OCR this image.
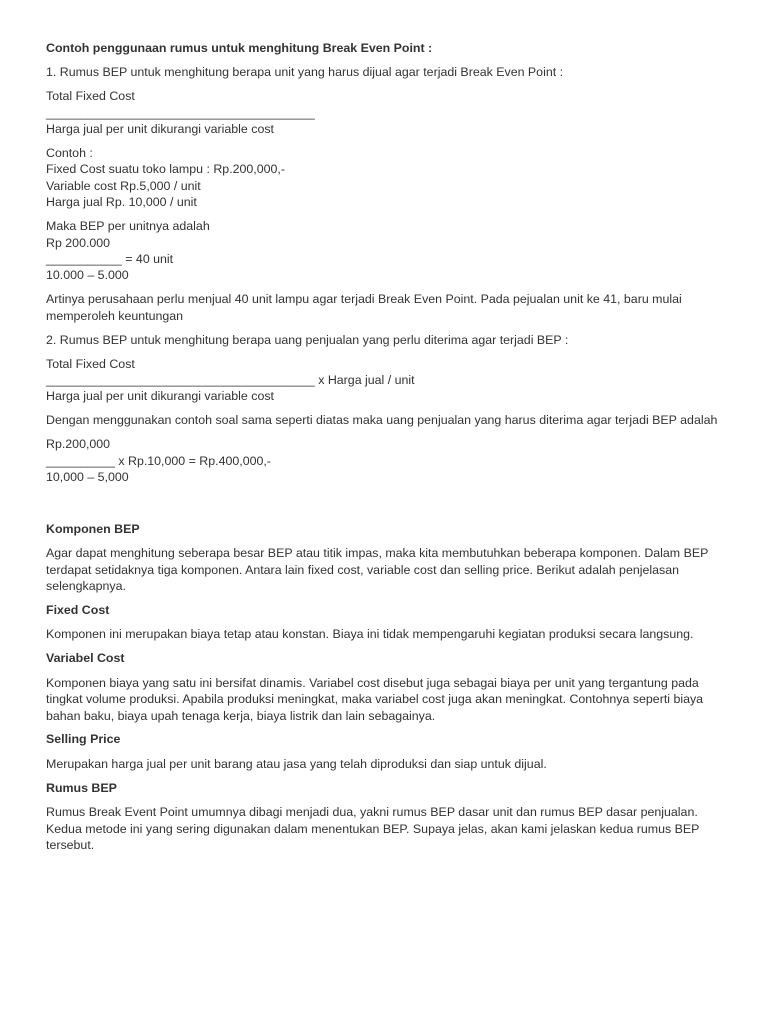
Contoh penggunaan rumus untuk menghitung Break Even Point :
1. Rumus BEP untuk menghitung berapa unit yang harus dijual agar terjadi Break Even Point :
Total Fixed Cost
_______________________________________
Harga jual per unit dikurangi variable cost
Contoh :
Fixed Cost suatu toko lampu : Rp.200,000,-
Variable cost Rp.5,000 / unit
Harga jual Rp. 10,000 / unit
Maka BEP per unitnya adalah
Rp 200.000
___________ = 40 unit
10.000 – 5.000
Artinya perusahaan perlu menjual 40 unit lampu agar terjadi Break Even Point. Pada pejualan unit ke 41, baru mulai memperoleh keuntungan
2. Rumus BEP untuk menghitung berapa uang penjualan yang perlu diterima agar terjadi BEP :
Total Fixed Cost
_______________________________________ x Harga jual / unit
Harga jual per unit dikurangi variable cost
Dengan menggunakan contoh soal sama seperti diatas maka uang penjualan yang harus diterima agar terjadi BEP adalah
Rp.200,000
__________ x Rp.10,000 = Rp.400,000,-
10,000 – 5,000
Komponen BEP
Agar dapat menghitung seberapa besar BEP atau titik impas, maka kita membutuhkan beberapa komponen. Dalam BEP terdapat setidaknya tiga komponen. Antara lain fixed cost, variable cost dan selling price. Berikut adalah penjelasan selengkapnya.
Fixed Cost
Komponen ini merupakan biaya tetap atau konstan. Biaya ini tidak mempengaruhi kegiatan produksi secara langsung.
Variabel Cost
Komponen biaya yang satu ini bersifat dinamis. Variabel cost disebut juga sebagai biaya per unit yang tergantung pada tingkat volume produksi. Apabila produksi meningkat, maka variabel cost juga akan meningkat. Contohnya seperti biaya bahan baku, biaya upah tenaga kerja, biaya listrik dan lain sebagainya.
Selling Price
Merupakan harga jual per unit barang atau jasa yang telah diproduksi dan siap untuk dijual.
Rumus BEP
Rumus Break Event Point umumnya dibagi menjadi dua, yakni rumus BEP dasar unit dan rumus BEP dasar penjualan. Kedua metode ini yang sering digunakan dalam menentukan BEP. Supaya jelas, akan kami jelaskan kedua rumus BEP tersebut.
